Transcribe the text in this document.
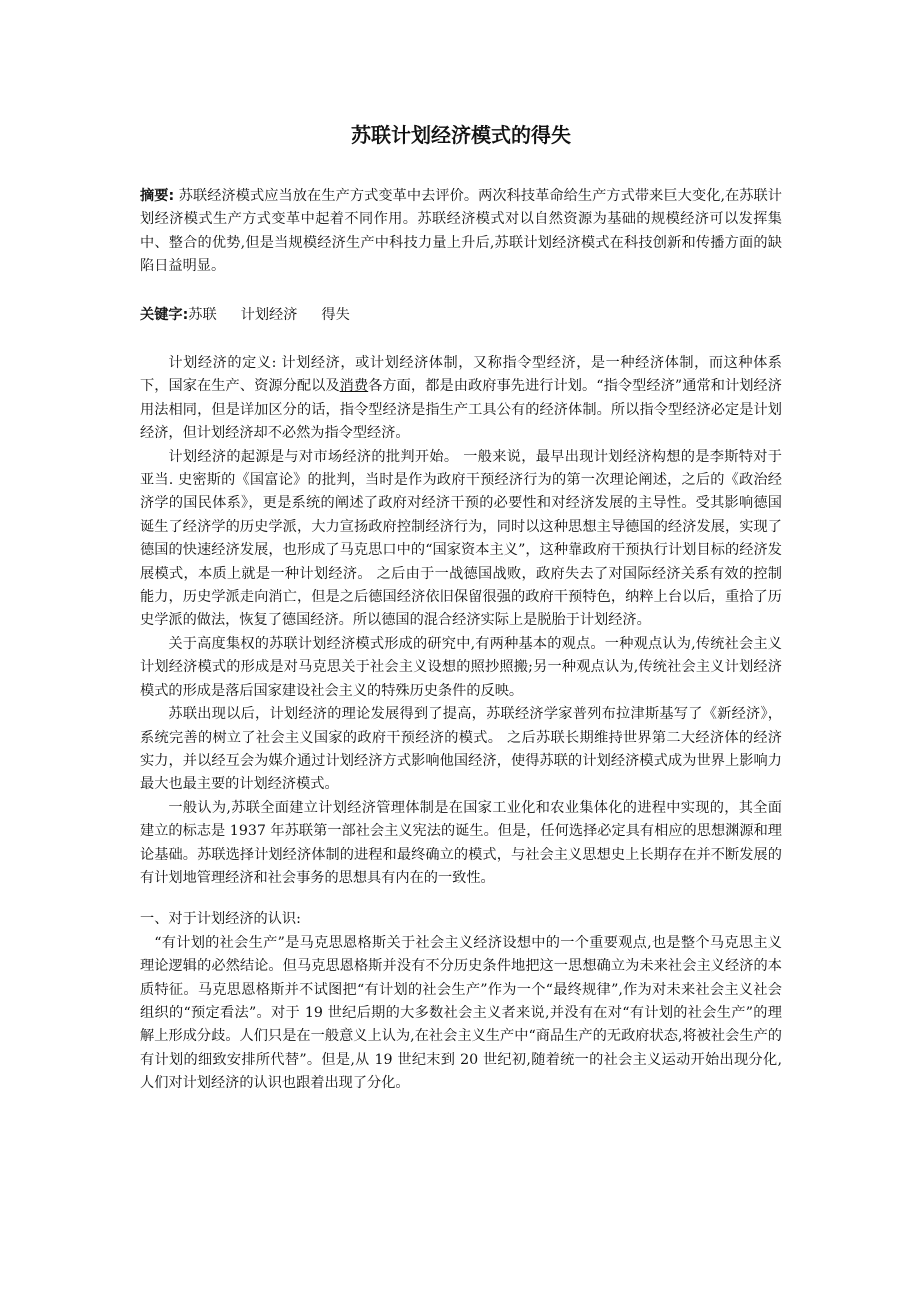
苏联计划经济模式的得失

摘要: 苏联经济模式应当放在生产方式变革中去评价。两次科技革命给生产方式带来巨大变化,在苏联计划经济模式生产方式变革中起着不同作用。苏联经济模式对以自然资源为基础的规模经济可以发挥集中、整合的优势,但是当规模经济生产中科技力量上升后,苏联计划经济模式在科技创新和传播方面的缺陷日益明显。

关键字:苏联 计划经济 得失

计划经济的定义: 计划经济，或计划经济体制，又称指令型经济，是一种经济体制，而这种体系下，国家在生产、资源分配以及消费各方面，都是由政府事先进行计划。“指令型经济”通常和计划经济用法相同，但是详加区分的话，指令型经济是指生产工具公有的经济体制。所以指令型经济必定是计划经济，但计划经济却不必然为指令型经济。

计划经济的起源是与对市场经济的批判开始。 一般来说，最早出现计划经济构想的是李斯特对于亚当. 史密斯的《国富论》的批判，当时是作为政府干预经济行为的第一次理论阐述，之后的《政治经济学的国民体系》，更是系统的阐述了政府对经济干预的必要性和对经济发展的主导性。受其影响德国诞生了经济学的历史学派，大力宣扬政府控制经济行为，同时以这种思想主导德国的经济发展，实现了德国的快速经济发展，也形成了马克思口中的“国家资本主义”，这种靠政府干预执行计划目标的经济发展模式，本质上就是一种计划经济。 之后由于一战德国战败，政府失去了对国际经济关系有效的控制能力，历史学派走向消亡，但是之后德国经济依旧保留很强的政府干预特色，纳粹上台以后，重拾了历史学派的做法，恢复了德国经济。所以德国的混合经济实际上是脱胎于计划经济。

关于高度集权的苏联计划经济模式形成的研究中,有两种基本的观点。一种观点认为,传统社会主义计划经济模式的形成是对马克思关于社会主义设想的照抄照搬;另一种观点认为,传统社会主义计划经济模式的形成是落后国家建设社会主义的特殊历史条件的反映。

苏联出现以后，计划经济的理论发展得到了提高，苏联经济学家普列布拉津斯基写了《新经济》，系统完善的树立了社会主义国家的政府干预经济的模式。 之后苏联长期维持世界第二大经济体的经济实力，并以经互会为媒介通过计划经济方式影响他国经济，使得苏联的计划经济模式成为世界上影响力最大也最主要的计划经济模式。

一般认为,苏联全面建立计划经济管理体制是在国家工业化和农业集体化的进程中实现的，其全面建立的标志是 1937 年苏联第一部社会主义宪法的诞生。但是，任何选择必定具有相应的思想渊源和理论基础。苏联选择计划经济体制的进程和最终确立的模式，与社会主义思想史上长期存在并不断发展的有计划地管理经济和社会事务的思想具有内在的一致性。

一、对于计划经济的认识:

“有计划的社会生产”是马克思恩格斯关于社会主义经济设想中的一个重要观点,也是整个马克思主义理论逻辑的必然结论。但马克思恩格斯并没有不分历史条件地把这一思想确立为未来社会主义经济的本质特征。马克思恩格斯并不试图把“有计划的社会生产”作为一个“最终规律”,作为对未来社会主义社会组织的“预定看法”。对于 19 世纪后期的大多数社会主义者来说,并没有在对“有计划的社会生产”的理解上形成分歧。人们只是在一般意义上认为,在社会主义生产中“商品生产的无政府状态,将被社会生产的有计划的细致安排所代替”。但是,从 19 世纪末到 20 世纪初,随着统一的社会主义运动开始出现分化,人们对计划经济的认识也跟着出现了分化。
